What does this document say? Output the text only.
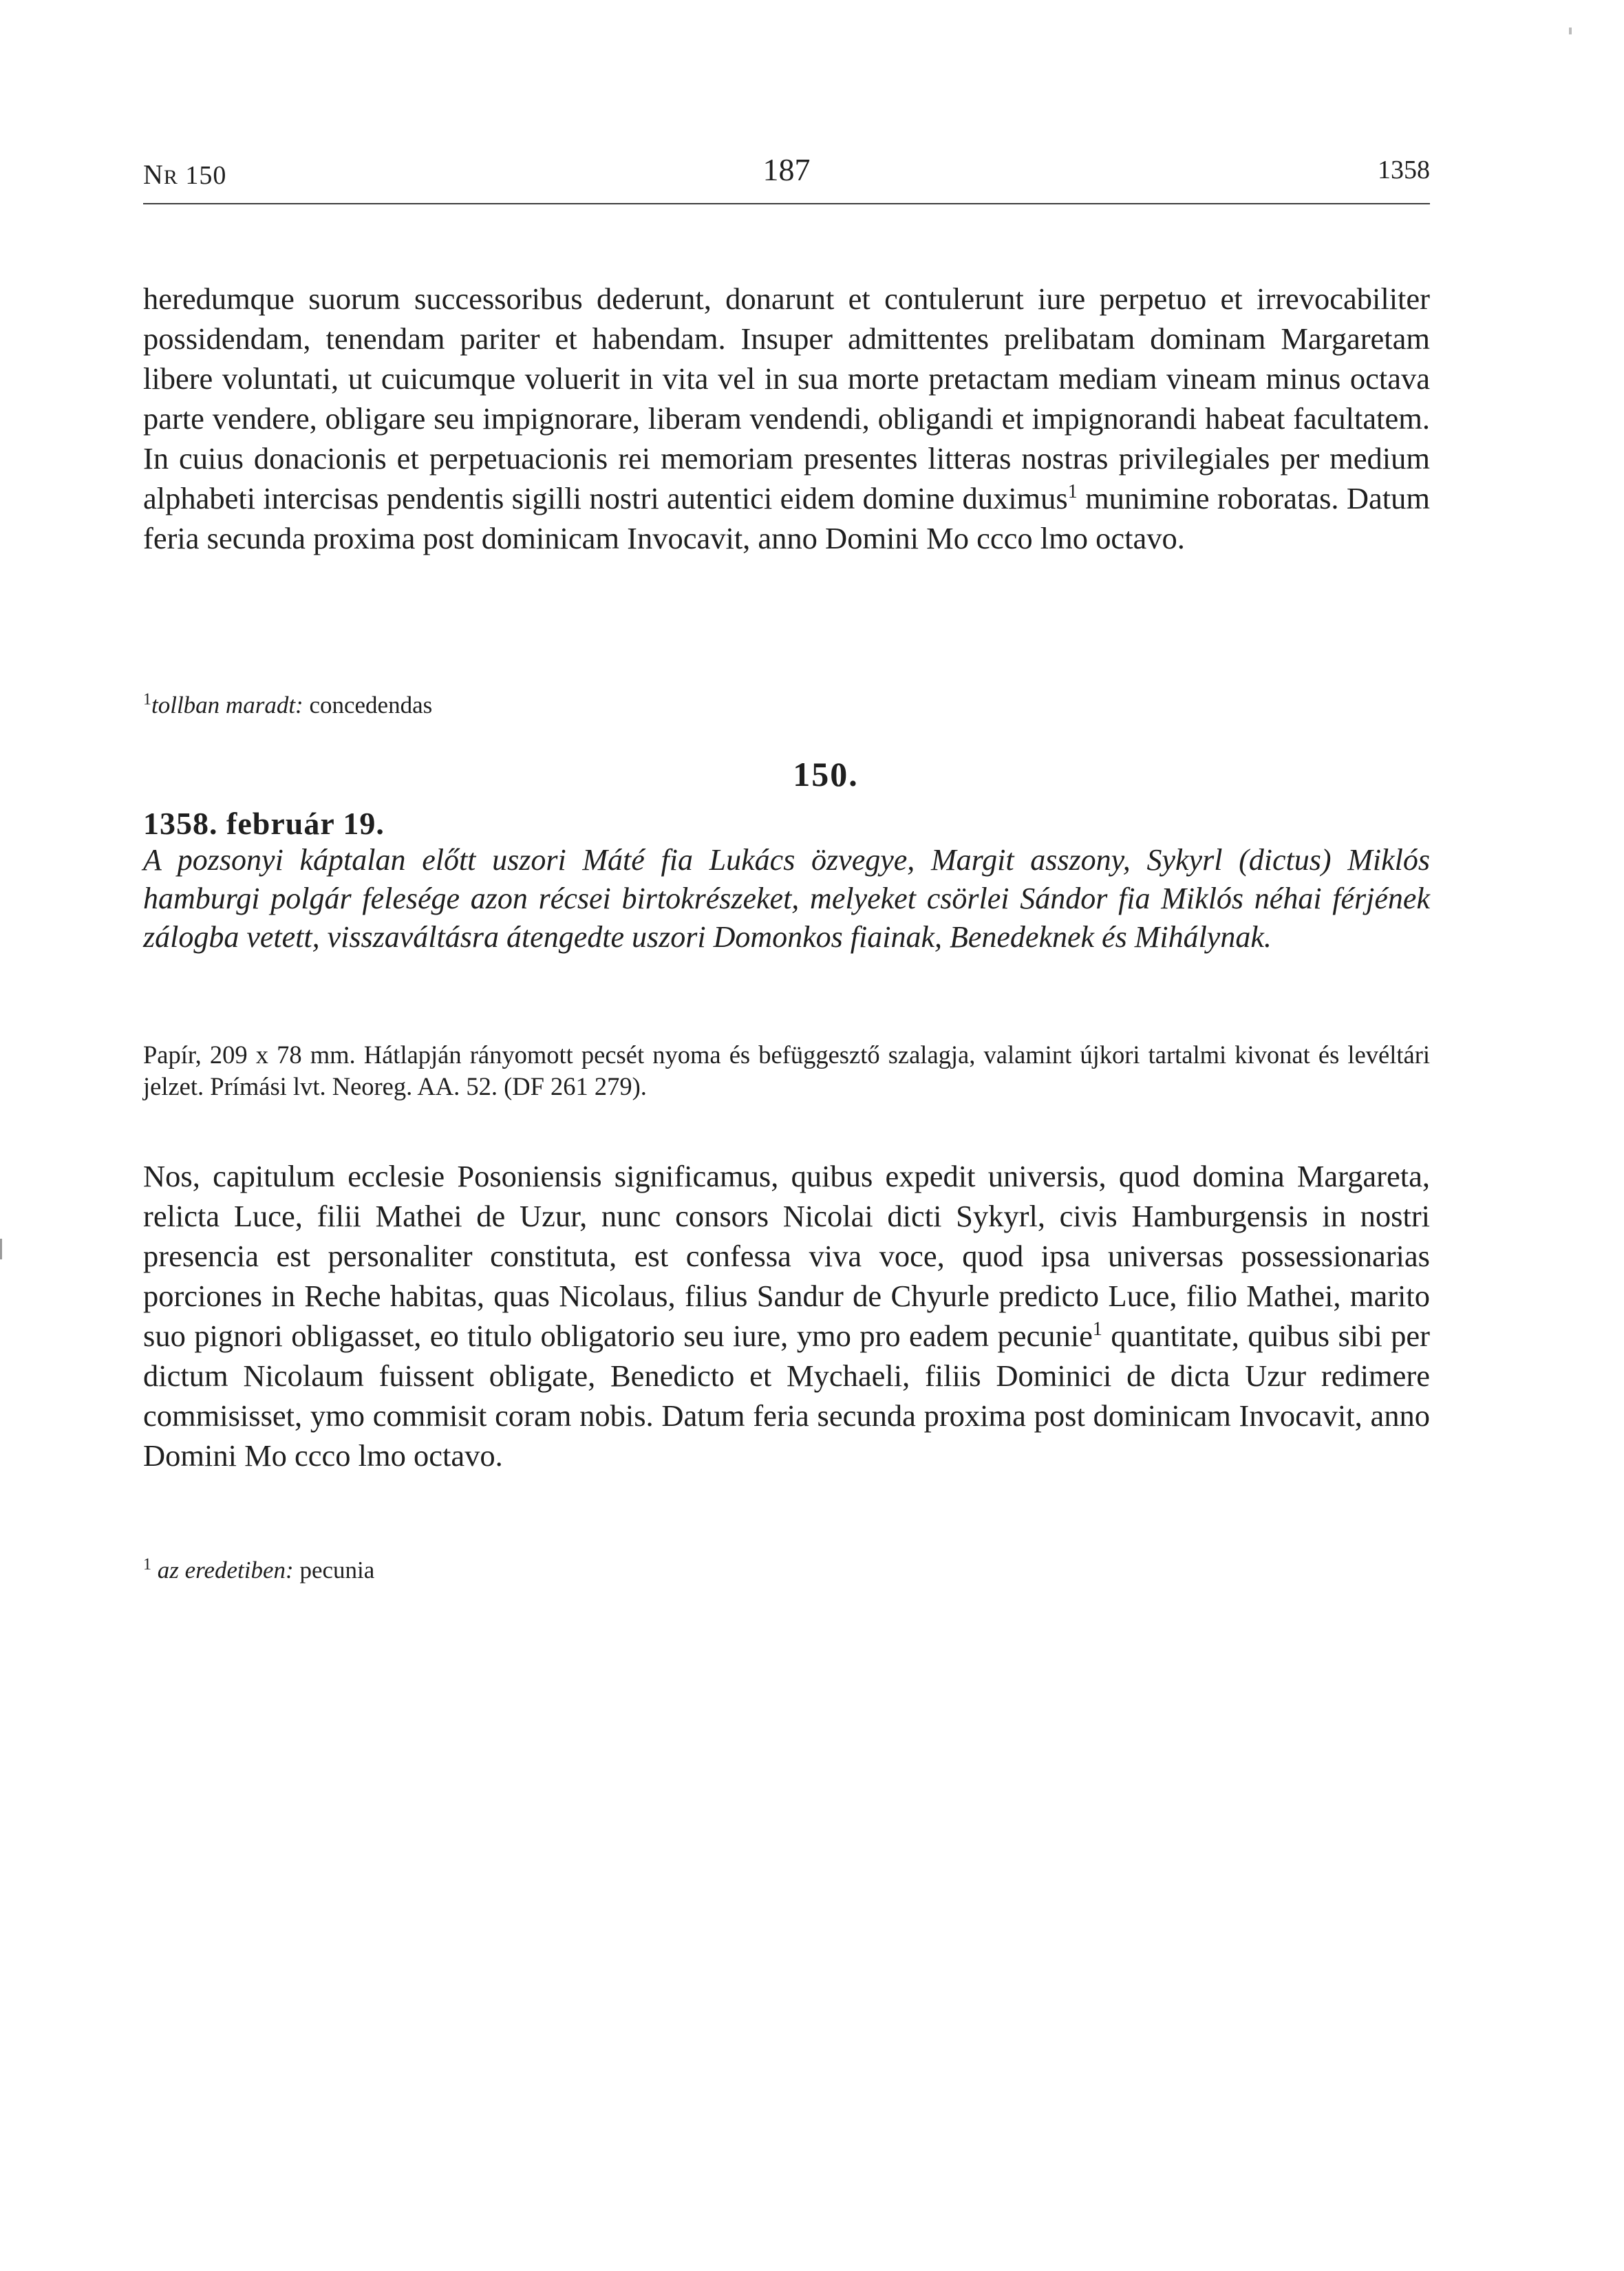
NR 150	187	1358
heredumque suorum successoribus dederunt, donarunt et contulerunt iure perpetuo et irrevocabiliter possidendam, tenendam pariter et habendam. Insuper admittentes prelibatam dominam Margaretam libere voluntati, ut cuicumque voluerit in vita vel in sua morte pretactam mediam vineam minus octava parte vendere, obligare seu impignorare, liberam vendendi, obligandi et impignorandi habeat facultatem. In cuius donacionis et perpetuacionis rei memoriam presentes litteras nostras privilegiales per medium alphabeti intercisas pendentis sigilli nostri autentici eidem domine duximus$^1$ munimine roboratas. Datum feria secunda proxima post dominicam Invocavit, anno Domini Mo ccco lmo octavo.
$^1$tollban maradt: concedendas
150.
1358. február 19.
A pozsonyi káptalan előtt uszori Máté fia Lukács özvegye, Margit asszony, Sykyrl (dictus) Miklós hamburgi polgár felesége azon récsei birtokrészeket, melyeket csörlei Sándor fia Miklós néhai férjének zálogba vetett, visszaváltásra átengedte uszori Domonkos fiainak, Benedeknek és Mihálynak.
Papír, 209 x 78 mm. Hátlapján rányomott pecsét nyoma és befüggesztő szalagja, valamint újkori tartalmi kivonat és levéltári jelzet. Prímási lvt. Neoreg. AA. 52. (DF 261 279).
Nos, capitulum ecclesie Posoniensis significamus, quibus expedit universis, quod domina Margareta, relicta Luce, filii Mathei de Uzur, nunc consors Nicolai dicti Sykyrl, civis Hamburgensis in nostri presencia est personaliter constituta, est confessa viva voce, quod ipsa universas possessionarias porciones in Reche habitas, quas Nicolaus, filius Sandur de Chyurle predicto Luce, filio Mathei, marito suo pignori obligasset, eo titulo obligatorio seu iure, ymo pro eadem pecunie$^1$ quantitate, quibus sibi per dictum Nicolaum fuissent obligate, Benedicto et Mychaeli, filiis Dominici de dicta Uzur redimere commisisset, ymo commisit coram nobis. Datum feria secunda proxima post dominicam Invocavit, anno Domini Mo ccco lmo octavo.
$^1$ az eredetiben: pecunia
